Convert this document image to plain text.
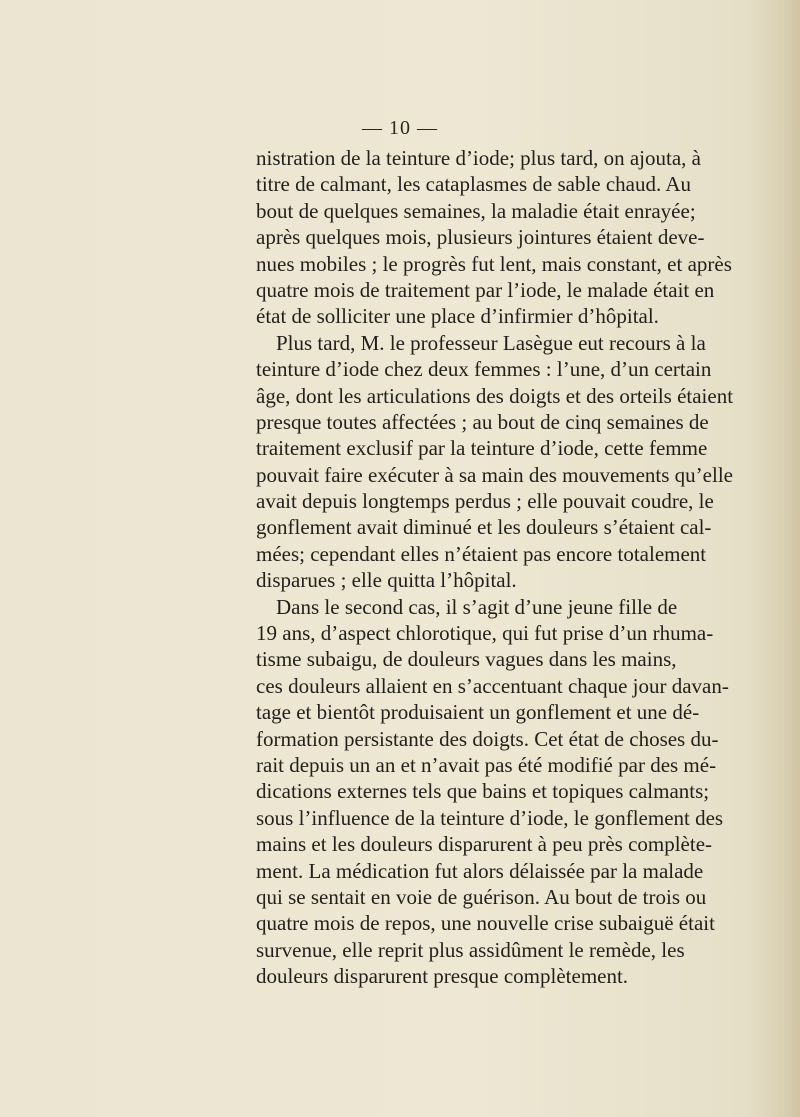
— 10 —
nistration de la teinture d’iode; plus tard, on ajouta, à
titre de calmant, les cataplasmes de sable chaud. Au
bout de quelques semaines, la maladie était enrayée;
après quelques mois, plusieurs jointures étaient deve-
nues mobiles ; le progrès fut lent, mais constant, et après
quatre mois de traitement par l’iode, le malade était en
état de solliciter une place d’infirmier d’hôpital.
Plus tard, M. le professeur Lasègue eut recours à la
teinture d’iode chez deux femmes : l’une, d’un certain
âge, dont les articulations des doigts et des orteils étaient
presque toutes affectées ; au bout de cinq semaines de
traitement exclusif par la teinture d’iode, cette femme
pouvait faire exécuter à sa main des mouvements qu’elle
avait depuis longtemps perdus ; elle pouvait coudre, le
gonflement avait diminué et les douleurs s’étaient cal-
mées; cependant elles n’étaient pas encore totalement
disparues ; elle quitta l’hôpital.
Dans le second cas, il s’agit d’une jeune fille de
19 ans, d’aspect chlorotique, qui fut prise d’un rhuma-
tisme subaigu, de douleurs vagues dans les mains,
ces douleurs allaient en s’accentuant chaque jour davan-
tage et bientôt produisaient un gonflement et une dé-
formation persistante des doigts. Cet état de choses du-
rait depuis un an et n’avait pas été modifié par des mé-
dications externes tels que bains et topiques calmants;
sous l’influence de la teinture d’iode, le gonflement des
mains et les douleurs disparurent à peu près complète-
ment. La médication fut alors délaissée par la malade
qui se sentait en voie de guérison. Au bout de trois ou
quatre mois de repos, une nouvelle crise subaiguë était
survenue, elle reprit plus assidûment le remède, les
douleurs disparurent presque complètement.
